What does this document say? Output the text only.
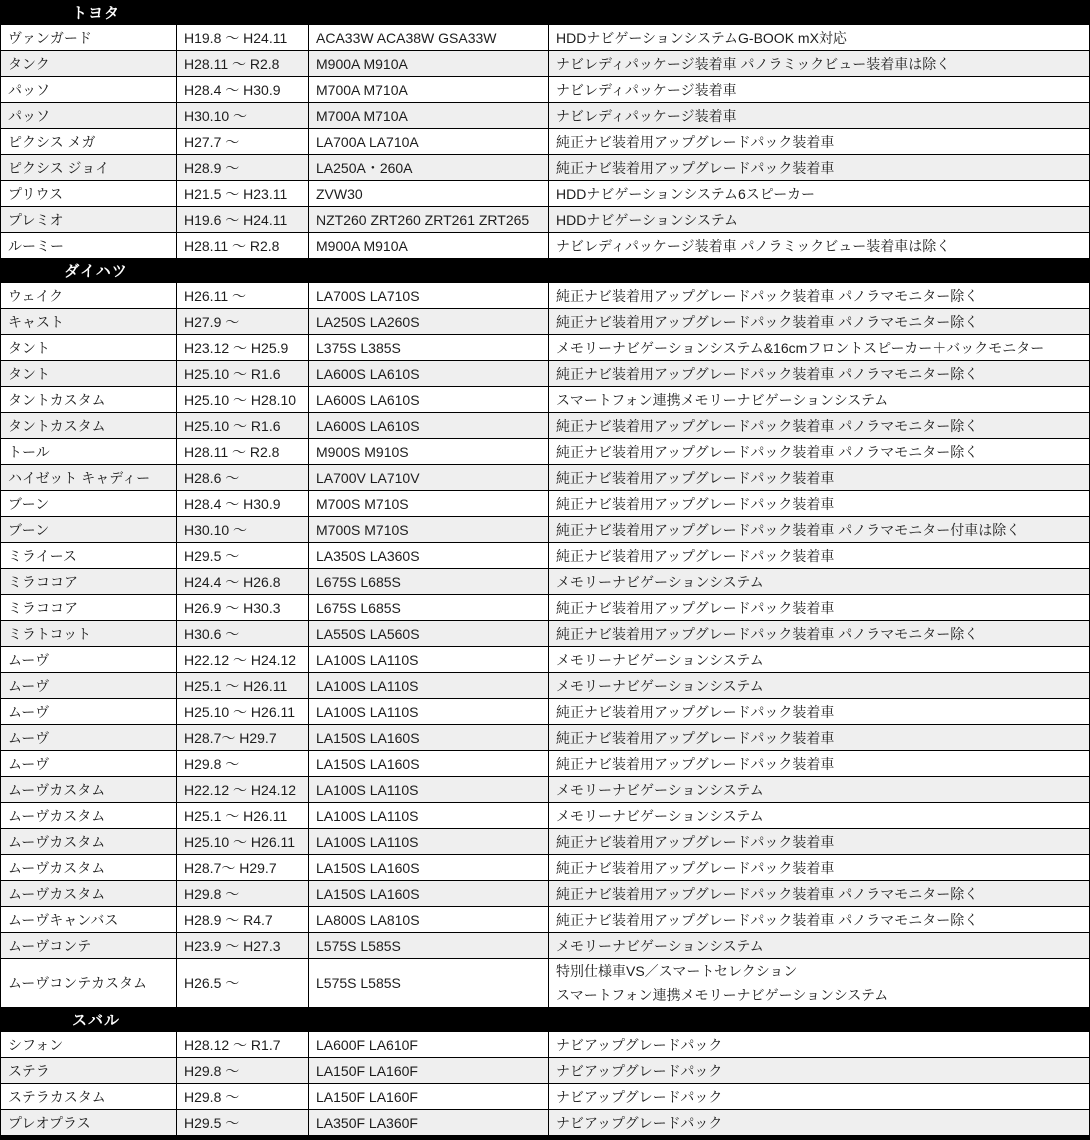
トヨタ			
ヴァンガード	H19.8 ～ H24.11	ACA33W ACA38W GSA33W	HDDナビゲーションシステムG-BOOK mX対応
タンク	H28.11 ～ R2.8	M900A M910A	ナビレディパッケージ装着車 パノラミックビュー装着車は除く
パッソ	H28.4 ～ H30.9	M700A M710A	ナビレディパッケージ装着車
パッソ	H30.10 ～	M700A M710A	ナビレディパッケージ装着車
ピクシス メガ	H27.7 ～	LA700A LA710A	純正ナビ装着用アップグレードパック装着車
ピクシス ジョイ	H28.9 ～	LA250A・260A	純正ナビ装着用アップグレードパック装着車
プリウス	H21.5 ～ H23.11	ZVW30	HDDナビゲーションシステム6スピーカー
プレミオ	H19.6 ～ H24.11	NZT260 ZRT260 ZRT261 ZRT265	HDDナビゲーションシステム
ルーミー	H28.11 ～ R2.8	M900A M910A	ナビレディパッケージ装着車 パノラミックビュー装着車は除く
ダイハツ			
ウェイク	H26.11 ～	LA700S LA710S	純正ナビ装着用アップグレードパック装着車 パノラマモニター除く
キャスト	H27.9 ～	LA250S LA260S	純正ナビ装着用アップグレードパック装着車 パノラマモニター除く
タント	H23.12 ～ H25.9	L375S L385S	メモリーナビゲーションシステム&16cmフロントスピーカー＋バックモニター
タント	H25.10 ～ R1.6	LA600S LA610S	純正ナビ装着用アップグレードパック装着車 パノラマモニター除く
タントカスタム	H25.10 ～ H28.10	LA600S LA610S	スマートフォン連携メモリーナビゲーションシステム
タントカスタム	H25.10 ～ R1.6	LA600S LA610S	純正ナビ装着用アップグレードパック装着車 パノラマモニター除く
トール	H28.11 ～ R2.8	M900S M910S	純正ナビ装着用アップグレードパック装着車 パノラマモニター除く
ハイゼット キャディー	H28.6 ～	LA700V LA710V	純正ナビ装着用アップグレードパック装着車
ブーン	H28.4 ～ H30.9	M700S M710S	純正ナビ装着用アップグレードパック装着車
ブーン	H30.10 ～	M700S M710S	純正ナビ装着用アップグレードパック装着車 パノラマモニター付車は除く
ミライース	H29.5 ～	LA350S LA360S	純正ナビ装着用アップグレードパック装着車
ミラココア	H24.4 ～ H26.8	L675S L685S	メモリーナビゲーションシステム
ミラココア	H26.9 ～ H30.3	L675S L685S	純正ナビ装着用アップグレードパック装着車
ミラトコット	H30.6 ～	LA550S LA560S	純正ナビ装着用アップグレードパック装着車 パノラマモニター除く
ムーヴ	H22.12 ～ H24.12	LA100S LA110S	メモリーナビゲーションシステム
ムーヴ	H25.1 ～ H26.11	LA100S LA110S	メモリーナビゲーションシステム
ムーヴ	H25.10 ～ H26.11	LA100S LA110S	純正ナビ装着用アップグレードパック装着車
ムーヴ	H28.7～ H29.7	LA150S LA160S	純正ナビ装着用アップグレードパック装着車
ムーヴ	H29.8 ～	LA150S LA160S	純正ナビ装着用アップグレードパック装着車
ムーヴカスタム	H22.12 ～ H24.12	LA100S LA110S	メモリーナビゲーションシステム
ムーヴカスタム	H25.1 ～ H26.11	LA100S LA110S	メモリーナビゲーションシステム
ムーヴカスタム	H25.10 ～ H26.11	LA100S LA110S	純正ナビ装着用アップグレードパック装着車
ムーヴカスタム	H28.7～ H29.7	LA150S LA160S	純正ナビ装着用アップグレードパック装着車
ムーヴカスタム	H29.8 ～	LA150S LA160S	純正ナビ装着用アップグレードパック装着車 パノラマモニター除く
ムーヴキャンバス	H28.9 ～ R4.7	LA800S LA810S	純正ナビ装着用アップグレードパック装着車 パノラマモニター除く
ムーヴコンテ	H23.9 ～ H27.3	L575S L585S	メモリーナビゲーションシステム
ムーヴコンテカスタム	H26.5 ～	L575S L585S	特別仕様車VS／スマートセレクション
スマートフォン連携メモリーナビゲーションシステム

スバル			
シフォン	H28.12 ～ R1.7	LA600F LA610F	ナビアップグレードパック
ステラ	H29.8 ～	LA150F LA160F	ナビアップグレードパック
ステラカスタム	H29.8 ～	LA150F LA160F	ナビアップグレードパック
プレオプラス	H29.5 ～	LA350F LA360F	ナビアップグレードパック
